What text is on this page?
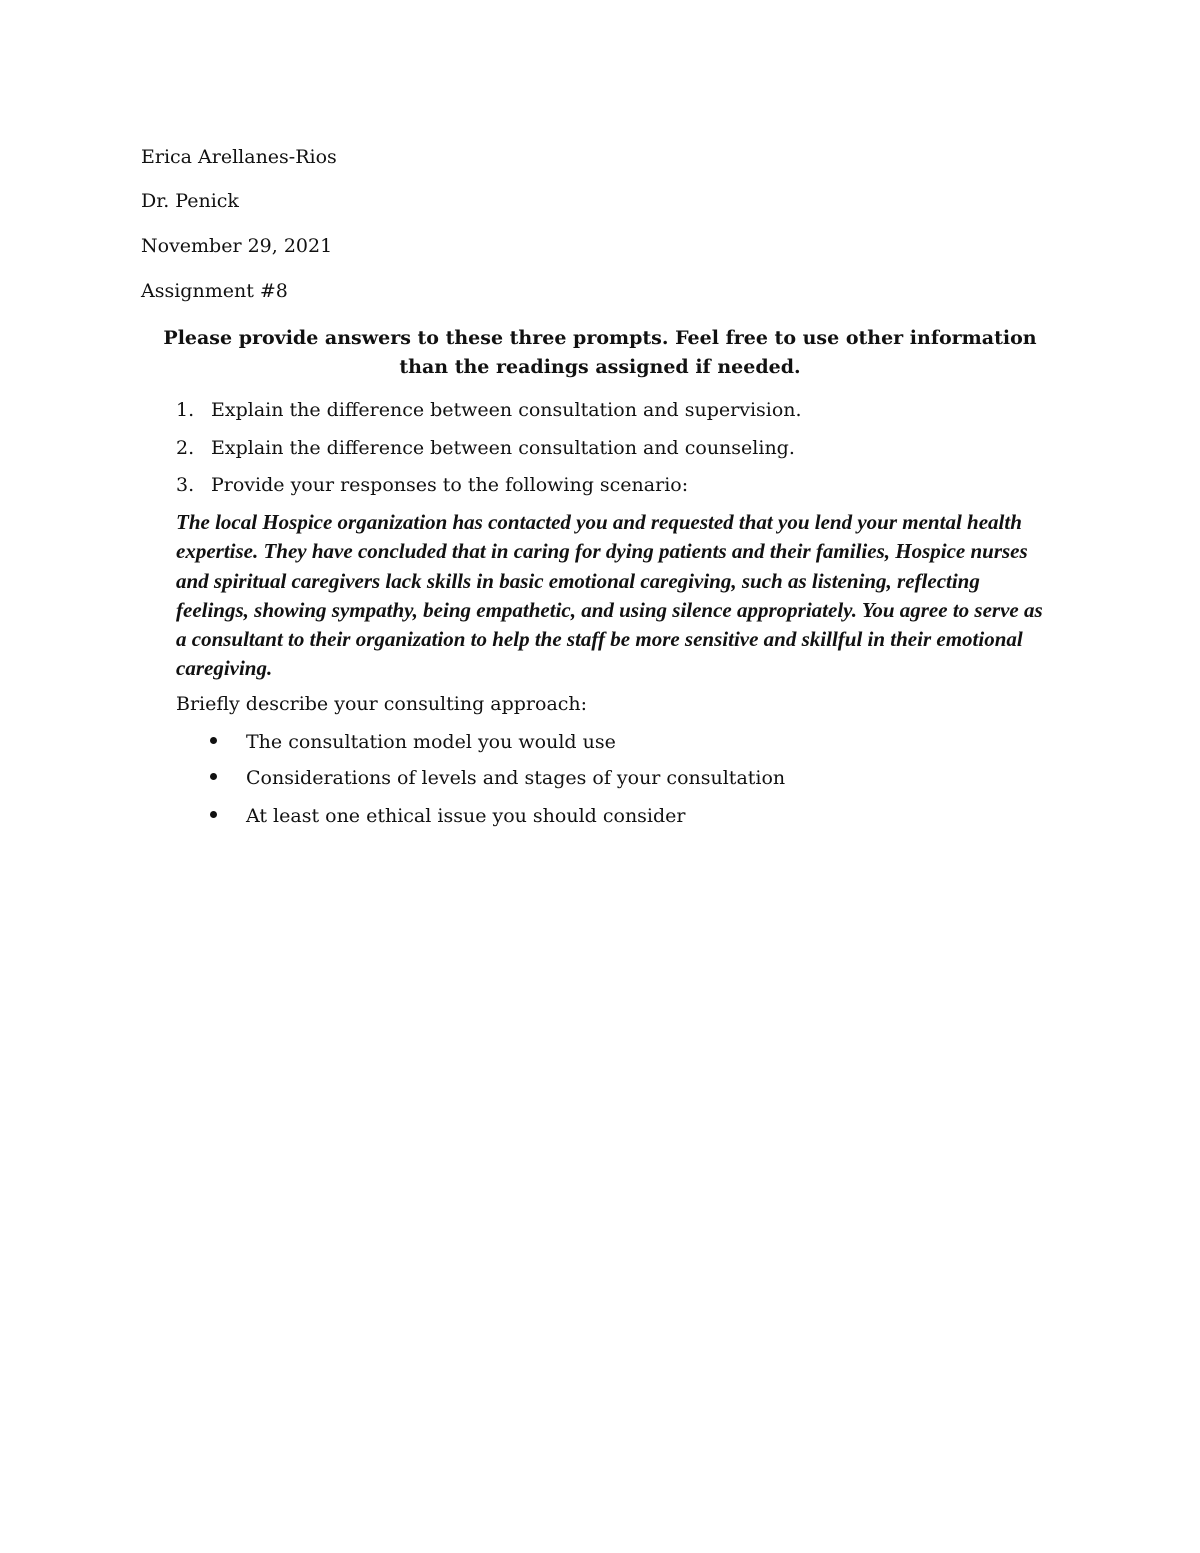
Erica Arellanes-Rios
Dr. Penick
November 29, 2021
Assignment #8
Please provide answers to these three prompts. Feel free to use other information than the readings assigned if needed.
1. Explain the difference between consultation and supervision.
2. Explain the difference between consultation and counseling.
3. Provide your responses to the following scenario:
The local Hospice organization has contacted you and requested that you lend your mental health expertise. They have concluded that in caring for dying patients and their families, Hospice nurses and spiritual caregivers lack skills in basic emotional caregiving, such as listening, reflecting feelings, showing sympathy, being empathetic, and using silence appropriately. You agree to serve as a consultant to their organization to help the staff be more sensitive and skillful in their emotional caregiving.
Briefly describe your consulting approach:
The consultation model you would use
Considerations of levels and stages of your consultation
At least one ethical issue you should consider
